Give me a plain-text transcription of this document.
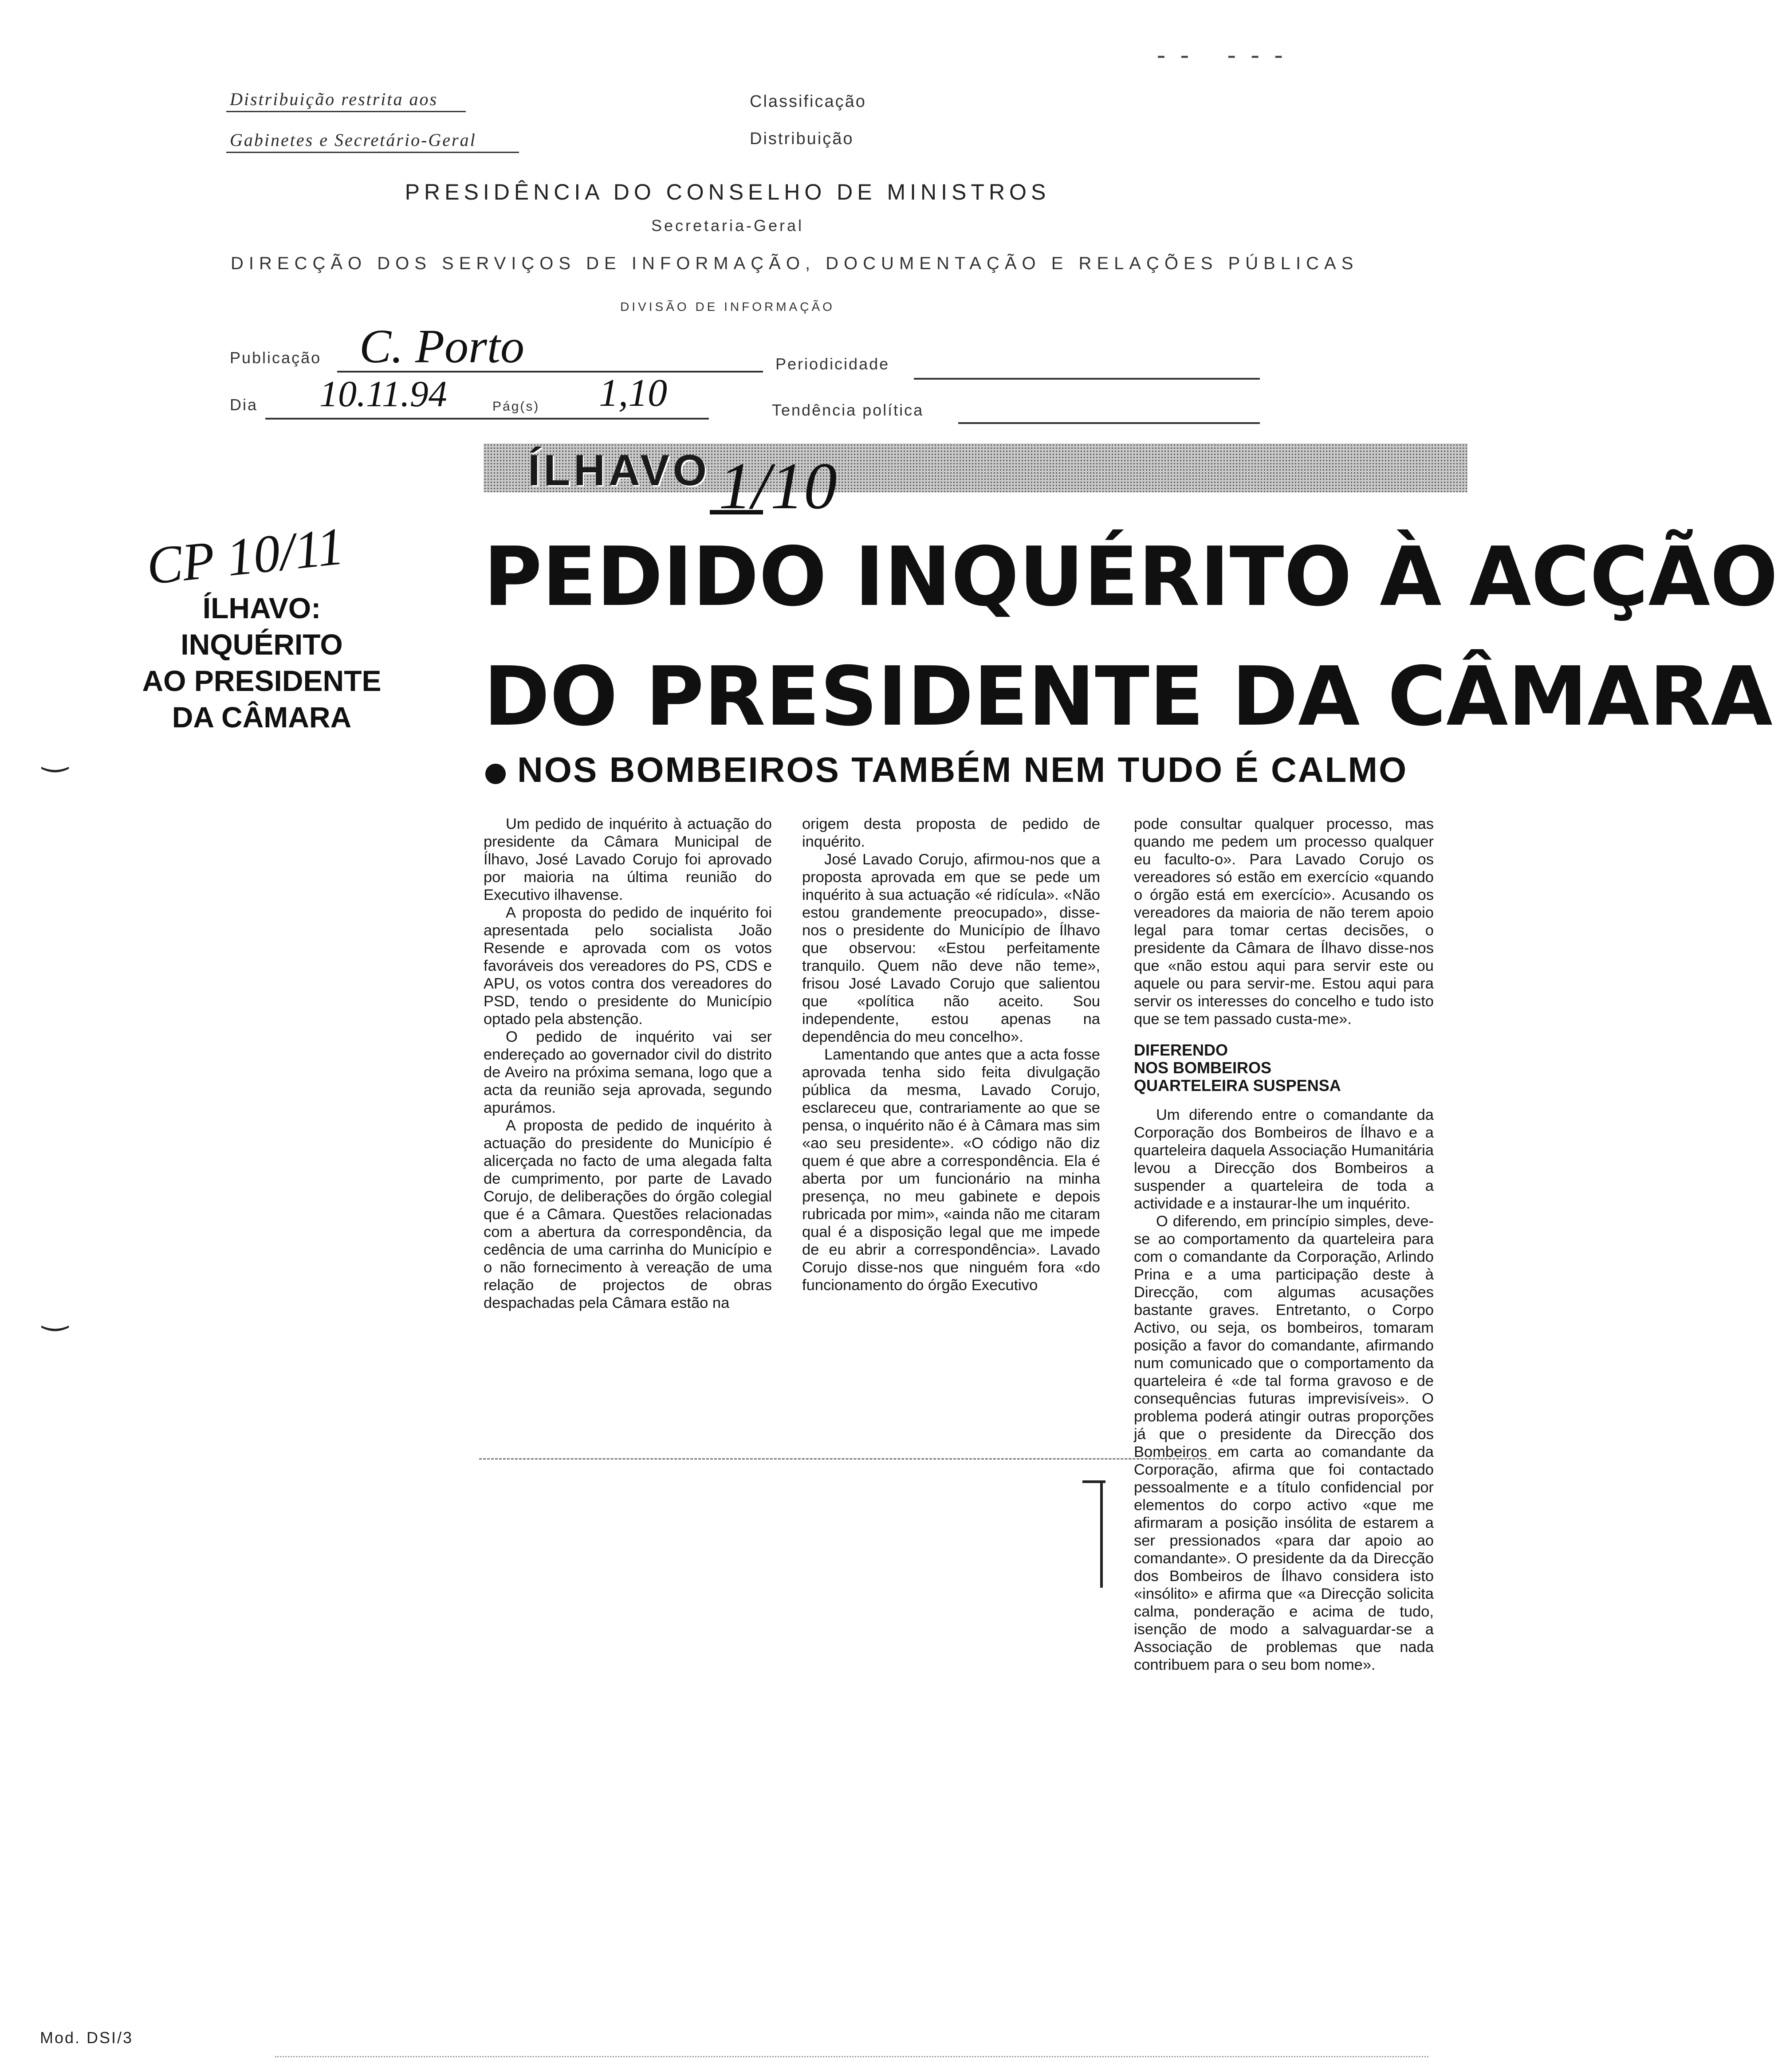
Distribuição restrita aos
Gabinetes e Secretário-Geral
Classificação
Distribuição
-- ---
PRESIDÊNCIA DO CONSELHO DE MINISTROS
Secretaria-Geral
DIRECÇÃO DOS SERVIÇOS DE INFORMAÇÃO, DOCUMENTAÇÃO E RELAÇÕES PÚBLICAS
DIVISÃO DE INFORMAÇÃO
Publicação C. Porto	Periodicidade
Dia 10.11.94	Pág(s) 1,10	Tendência política
CP 10/11
ÍLHAVO:
INQUÉRITO
AO PRESIDENTE
DA CÂMARA
‿
‿
ÍLHAVO 1/10
PEDIDO INQUÉRITO À ACÇÃO
DO PRESIDENTE DA CÂMARA
NOS BOMBEIROS TAMBÉM NEM TUDO É CALMO

Um pedido de inquérito à actuação do presidente da Câmara Municipal de Ílhavo, José Lavado Corujo foi aprovado por maioria na última reunião do Executivo ilhavense.

A proposta do pedido de inquérito foi apresentada pelo socialista João Resende e aprovada com os votos favoráveis dos vereadores do PS, CDS e APU, os votos contra dos vereadores do PSD, tendo o presidente do Município optado pela abstenção.

O pedido de inquérito vai ser endereçado ao governador civil do distrito de Aveiro na próxima semana, logo que a acta da reunião seja aprovada, segundo apurámos.

A proposta de pedido de inquérito à actuação do presidente do Município é alicerçada no facto de uma alegada falta de cumprimento, por parte de Lavado Corujo, de deliberações do órgão colegial que é a Câmara. Questões relacionadas com a abertura da correspondência, da cedência de uma carrinha do Município e o não fornecimento à vereação de uma relação de projectos de obras despachadas pela Câmara estão na

origem desta proposta de pedido de inquérito.

José Lavado Corujo, afirmou-nos que a proposta aprovada em que se pede um inquérito à sua actuação «é ridícula». «Não estou grandemente preocupado», disse-nos o presidente do Município de Ílhavo que observou: «Estou perfeitamente tranquilo. Quem não deve não teme», frisou José Lavado Corujo que salientou que «política não aceito. Sou independente, estou apenas na dependência do meu concelho».

Lamentando que antes que a acta fosse aprovada tenha sido feita divulgação pública da mesma, Lavado Corujo, esclareceu que, contrariamente ao que se pensa, o inquérito não é à Câmara mas sim «ao seu presidente». «O código não diz quem é que abre a correspondência. Ela é aberta por um funcionário na minha presença, no meu gabinete e depois rubricada por mim», «ainda não me citaram qual é a disposição legal que me impede de eu abrir a correspondência». Lavado Corujo disse-nos que ninguém fora «do funcionamento do órgão Executivo

pode consultar qualquer processo, mas quando me pedem um processo qualquer eu faculto-o». Para Lavado Corujo os vereadores só estão em exercício «quando o órgão está em exercício». Acusando os vereadores da maioria de não terem apoio legal para tomar certas decisões, o presidente da Câmara de Ílhavo disse-nos que «não estou aqui para servir este ou aquele ou para servir-me. Estou aqui para servir os interesses do concelho e tudo isto que se tem passado custa-me».

DIFERENDO
NOS BOMBEIROS
QUARTELEIRA SUSPENSA

Um diferendo entre o comandante da Corporação dos Bombeiros de Ílhavo e a quarteleira daquela Associação Humanitária levou a Direcção dos Bombeiros a suspender a quarteleira de toda a actividade e a instaurar-lhe um inquérito.

O diferendo, em princípio simples, deve-se ao comportamento da quarteleira para com o comandante da Corporação, Arlindo Prina e a uma participação deste à Direcção, com algumas acusações bastante graves. Entretanto, o Corpo Activo, ou seja, os bombeiros, tomaram posição a favor do comandante, afirmando num comunicado que o comportamento da quarteleira é «de tal forma gravoso e de consequências futuras imprevisíveis». O problema poderá atingir outras proporções já que o presidente da Direcção dos Bombeiros em carta ao comandante da Corporação, afirma que foi contactado pessoalmente e a título confidencial por elementos do corpo activo «que me afirmaram a posição insólita de estarem a ser pressionados «para dar apoio ao comandante». O presidente da da Direcção dos Bombeiros de Ílhavo considera isto «insólito» e afirma que «a Direcção solicita calma, ponderação e acima de tudo, isenção de modo a salvaguardar-se a Associação de problemas que nada contribuem para o seu bom nome».

Mod. DSI/3
